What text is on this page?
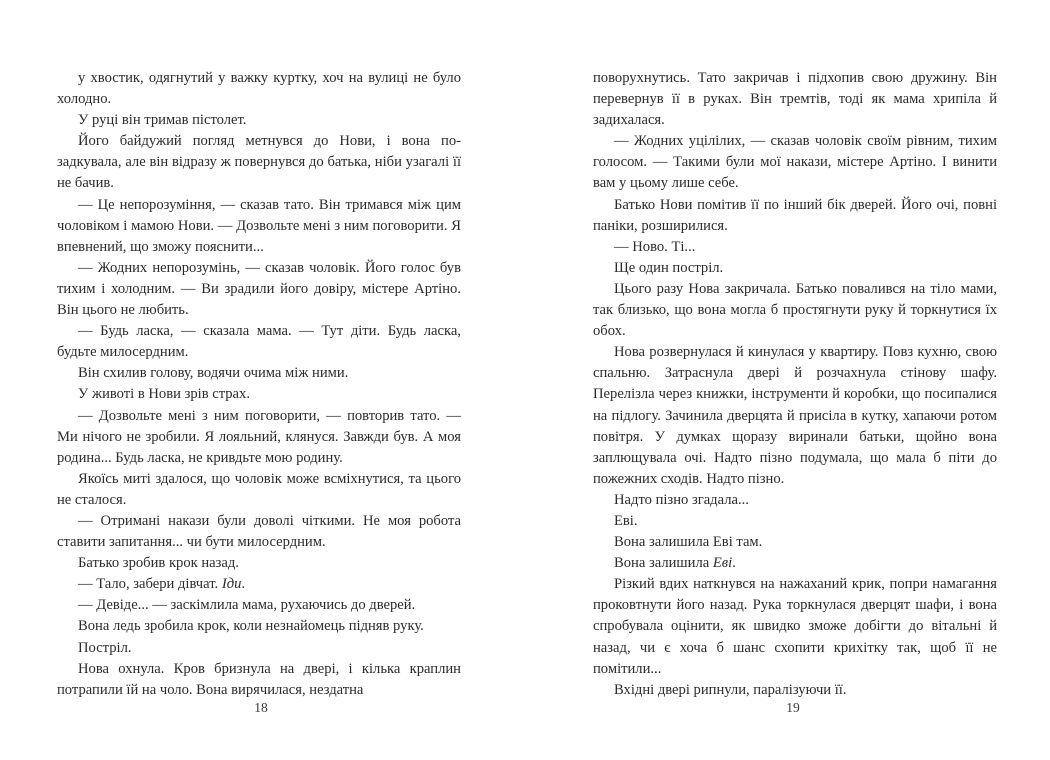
у хвостик, одягнутий у важку куртку, хоч на вулиці не було холодно.

У руці він тримав пістолет.

Його байдужий погляд метнувся до Нови, і вона позадкувала, але він відразу ж повернувся до батька, ніби узагалі її не бачив.

— Це непорозуміння, — сказав тато. Він тримався між цим чоловіком і мамою Нови. — Дозвольте мені з ним поговорити. Я впевнений, що зможу пояснити...

— Жодних непорозумінь, — сказав чоловік. Його голос був тихим і холодним. — Ви зрадили його довіру, містере Артіно. Він цього не любить.

— Будь ласка, — сказала мама. — Тут діти. Будь ласка, будьте милосердним.

Він схилив голову, водячи очима між ними.

У животі в Нови зрів страх.

— Дозвольте мені з ним поговорити, — повторив тато. — Ми нічого не зробили. Я лояльний, клянуся. Завжди був. А моя родина... Будь ласка, не кривдьте мою родину.

Якоїсь миті здалося, що чоловік може всміхнутися, та цього не сталося.

— Отримані накази були доволі чіткими. Не моя робота ставити запитання... чи бути милосердним.

Батько зробив крок назад.

— Тало, забери дівчат. Іди.

— Девіде... — заскімлила мама, рухаючись до дверей.

Вона ледь зробила крок, коли незнайомець підняв руку.

Постріл.

Нова охнула. Кров бризнула на двері, і кілька краплин потрапили їй на чоло. Вона вирячилася, нездатна

18

поворухнутись. Тато закричав і підхопив свою дружину. Він перевернув її в руках. Він тремтів, тоді як мама хрипіла й задихалася.

— Жодних уцілілих, — сказав чоловік своїм рівним, тихим голосом. — Такими були мої накази, містере Артіно. І винити вам у цьому лише себе.

Батько Нови помітив її по інший бік дверей. Його очі, повні паніки, розширилися.

— Ново. Ті...

Ще один постріл.

Цього разу Нова закричала. Батько повалився на тіло мами, так близько, що вона могла б простягнути руку й торкнутися їх обох.

Нова розвернулася й кинулася у квартиру. Повз кухню, свою спальню. Затраснула двері й розчахнула стінову шафу. Перелізла через книжки, інструменти й коробки, що посипалися на підлогу. Зачинила дверцята й присіла в кутку, хапаючи ротом повітря. У думках щоразу виринали батьки, щойно вона заплющувала очі. Надто пізно подумала, що мала б піти до пожежних сходів. Надто пізно.

Надто пізно згадала...

Еві.

Вона залишила Еві там.

Вона залишила Еві.

Різкий вдих наткнувся на нажаханий крик, попри намагання проковтнути його назад. Рука торкнулася дверцят шафи, і вона спробувала оцінити, як швидко зможе добігти до вітальні й назад, чи є хоча б шанс схопити крихітку так, щоб її не помітили...

Вхідні двері рипнули, паралізуючи її.

19
